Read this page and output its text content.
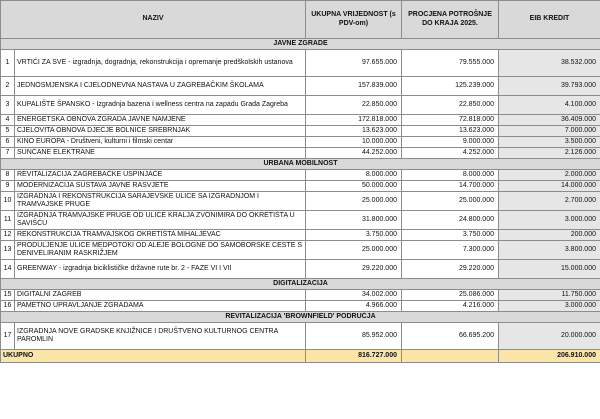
NAZIV		UKUPNA VRIJEDNOST (s PDV-om)	PROCJENA POTROŠNJE DO KRAJA 2025.	EIB KREDIT
JAVNE ZGRADE				
1	VRTIĆI ZA SVE - izgradnja, dogradnja, rekonstrukcija i opremanje predškolskih ustanova	97.655.000	79.555.000	38.532.000
2	JEDNOSMJENSKA I CJELODNEVNA NASTAVA U ZAGREBAČKIM ŠKOLAMA	157.839.000	125.239.000	39.793.000
3	KUPALIŠTE ŠPANSKO - Izgradnja bazena i wellness centra na zapadu Grada Zagreba	22.850.000	22.850.000	4.100.000
4	ENERGETSKA OBNOVA ZGRADA JAVNE NAMJENE	172.818.000	72.818.000	36.409.000
5	CJELOVITA OBNOVA DJEČJE BOLNICE SREBRNJAK	13.623.000	13.623.000	7.000.000
6	KINO EUROPA - Društveni, kulturni i filmski centar	10.000.000	9.000.000	3.500.000
7	SUNČANE ELEKTRANE	44.252.000	4.252.000	2.126.000
URBANA MOBILNOST				
8	REVITALIZACIJA ZAGREBAČKE USPINJAČE	8.000.000	8.000.000	2.000.000
9	MODERNIZACIJA SUSTAVA JAVNE RASVJETE	50.000.000	14.700.000	14.000.000
10	IZGRADNJA I REKONSTRUKCIJA SARAJEVSKE ULICE SA IZGRADNJOM I TRAMVAJSKE PRUGE	25.000.000	25.000.000	2.700.000
11	IZGRADNJA TRAMVAJSKE PRUGE OD ULICE KRALJA ZVONIMIRA DO OKRETIŠTA U SAVIŠĆU	31.800.000	24.800.000	3.000.000
12	REKONSTRUKCIJA TRAMVAJSKOG OKRETIŠTA MIHALJEVAC	3.750.000	3.750.000	200.000
13	PRODULJENJE ULICE MEDPOTOKI OD ALEJE BOLOGNE DO SAMOBORSKE CESTE S DENIVELIRANIM RASKRIŽJEM	25.000.000	7.300.000	3.800.000
14	GREENWAY - izgradnja biciklističke državne rute br. 2 - FAZE VI I VII	29.220.000	29.220.000	15.000.000
DIGITALIZACIJA				
15	DIGITALNI ZAGREB	34.002.000	25.086.000	11.750.000
16	PAMETNO UPRAVLJANJE ZGRADAMA	4.966.000	4.216.000	3.000.000
REVITALIZACIJA 'BROWNFIELD' PODRUČJA				
17	IZGRADNJA NOVE GRADSKE KNJIŽNICE I DRUŠTVENO KULTURNOG CENTRA PAROMLIN	85.952.000	66.695.200	20.000.000
UKUPNO		816.727.000		206.910.000
